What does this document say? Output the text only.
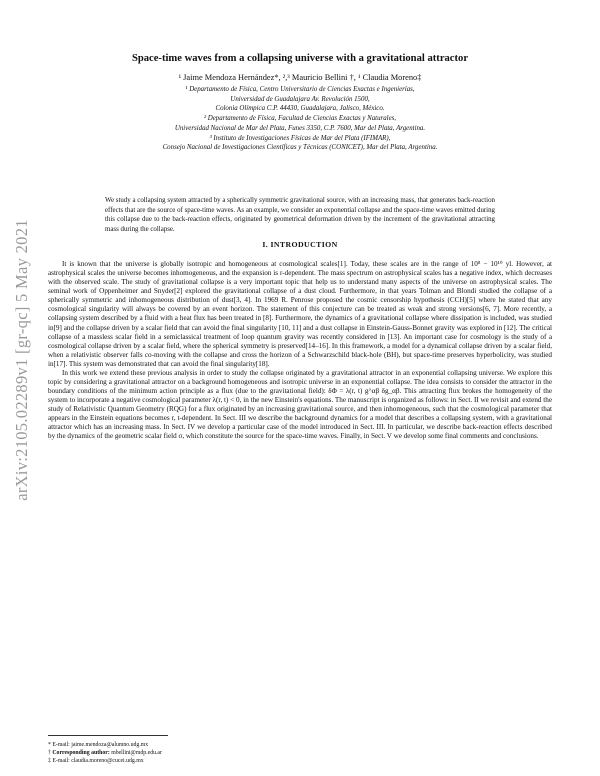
arXiv:2105.02289v1 [gr-qc] 5 May 2021
Space-time waves from a collapsing universe with a gravitational attractor
¹ Jaime Mendoza Hernández*, ²,³ Mauricio Bellini †, ¹ Claudia Moreno‡
¹ Departamento de Física, Centro Universitario de Ciencias Exactas e Ingenierías,
Universidad de Guadalajara Av. Revolución 1500,
Colonia Olímpica C.P. 44430, Guadalajara, Jalisco, México.
² Departamento de Física, Facultad de Ciencias Exactas y Naturales,
Universidad Nacional de Mar del Plata, Funes 3350, C.P. 7600, Mar del Plata, Argentina.
³ Instituto de Investigaciones Físicas de Mar del Plata (IFIMAR),
Consejo Nacional de Investigaciones Científicas y Técnicas (CONICET), Mar del Plata, Argentina.
We study a collapsing system attracted by a spherically symmetric gravitational source, with an increasing mass, that generates back-reaction effects that are the source of space-time waves. As an example, we consider an exponential collapse and the space-time waves emitted during this collapse due to the back-reaction effects, originated by geometrical deformation driven by the increment of the gravitational attracting mass during the collapse.
I. INTRODUCTION

It is known that the universe is globally isotropic and homogeneous at cosmological scales[1]. Today, these scales are in the range of 10⁸ − 10¹⁰ yl. However, at astrophysical scales the universe becomes inhomogeneous, and the expansion is r-dependent. The mass spectrum on astrophysical scales has a negative index, which decreases with the observed scale. The study of gravitational collapse is a very important topic that help us to understand many aspects of the universe on astrophysical scales. The seminal work of Oppenheimer and Snyder[2] explored the gravitational collapse of a dust cloud. Furthermore, in that years Tolman and Blondi studied the collapse of a spherically symmetric and inhomogeneous distribution of dust[3, 4]. In 1969 R. Penrose proposed the cosmic censorship hypothesis (CCH)[5] where he stated that any cosmological singularity will always be covered by an event horizon. The statement of this conjecture can be treated as weak and strong versions[6, 7]. More recently, a collapsing system described by a fluid with a heat flux has been treated in [8]. Furthermore, the dynamics of a gravitational collapse where dissipation is included, was studied in[9] and the collapse driven by a scalar field that can avoid the final singularity [10, 11] and a dust collapse in Einstein-Gauss-Bonnet gravity was explored in [12]. The critical collapse of a massless scalar field in a semiclassical treatment of loop quantum gravity was recently considered in [13]. An important case for cosmology is the study of a cosmological collapse driven by a scalar field, where the spherical symmetry is preserved[14–16]. In this framework, a model for a dynamical collapse driven by a scalar field, when a relativistic observer falls co-moving with the collapse and cross the horizon of a Schwarzschild black-hole (BH), but space-time preserves hyperbolicity, was studied in[17]. This system was demonstrated that can avoid the final singularity[18].

In this work we extend these previous analysis in order to study the collapse originated by a gravitational attractor in an exponential collapsing universe. We explore this topic by considering a gravitational attractor on a background homogeneous and isotropic universe in an exponential collapse. The idea consists to consider the attractor in the boundary conditions of the minimum action principle as a flux (due to the gravitational field): δΦ = λ(r, t) g^αβ δg_αβ. This attracting flux brokes the homogeneity of the system to incorporate a negative cosmological parameter λ(r, t) < 0, in the new Einstein's equations. The manuscript is organized as follows: in Sect. II we revisit and extend the study of Relativistic Quantum Geometry (RQG) for a flux originated by an increasing gravitational source, and then inhomogeneous, such that the cosmological parameter that appears in the Einstein equations becomes r, t-dependent. In Sect. III we describe the background dynamics for a model that describes a collapsing system, with a gravitational attractor which has an increasing mass. In Sect. IV we develop a particular case of the model introduced in Sect. III. In particular, we describe back-reaction effects described by the dynamics of the geometric scalar field σ, which constitute the source for the space-time waves. Finally, in Sect. V we develop some final comments and conclusions.

* E-mail: jaime.mendoza@alumno.udg.mx
† Corresponding author: mbellini@mdp.edu.ar
‡ E-mail: claudia.moreno@cucei.udg.mx
